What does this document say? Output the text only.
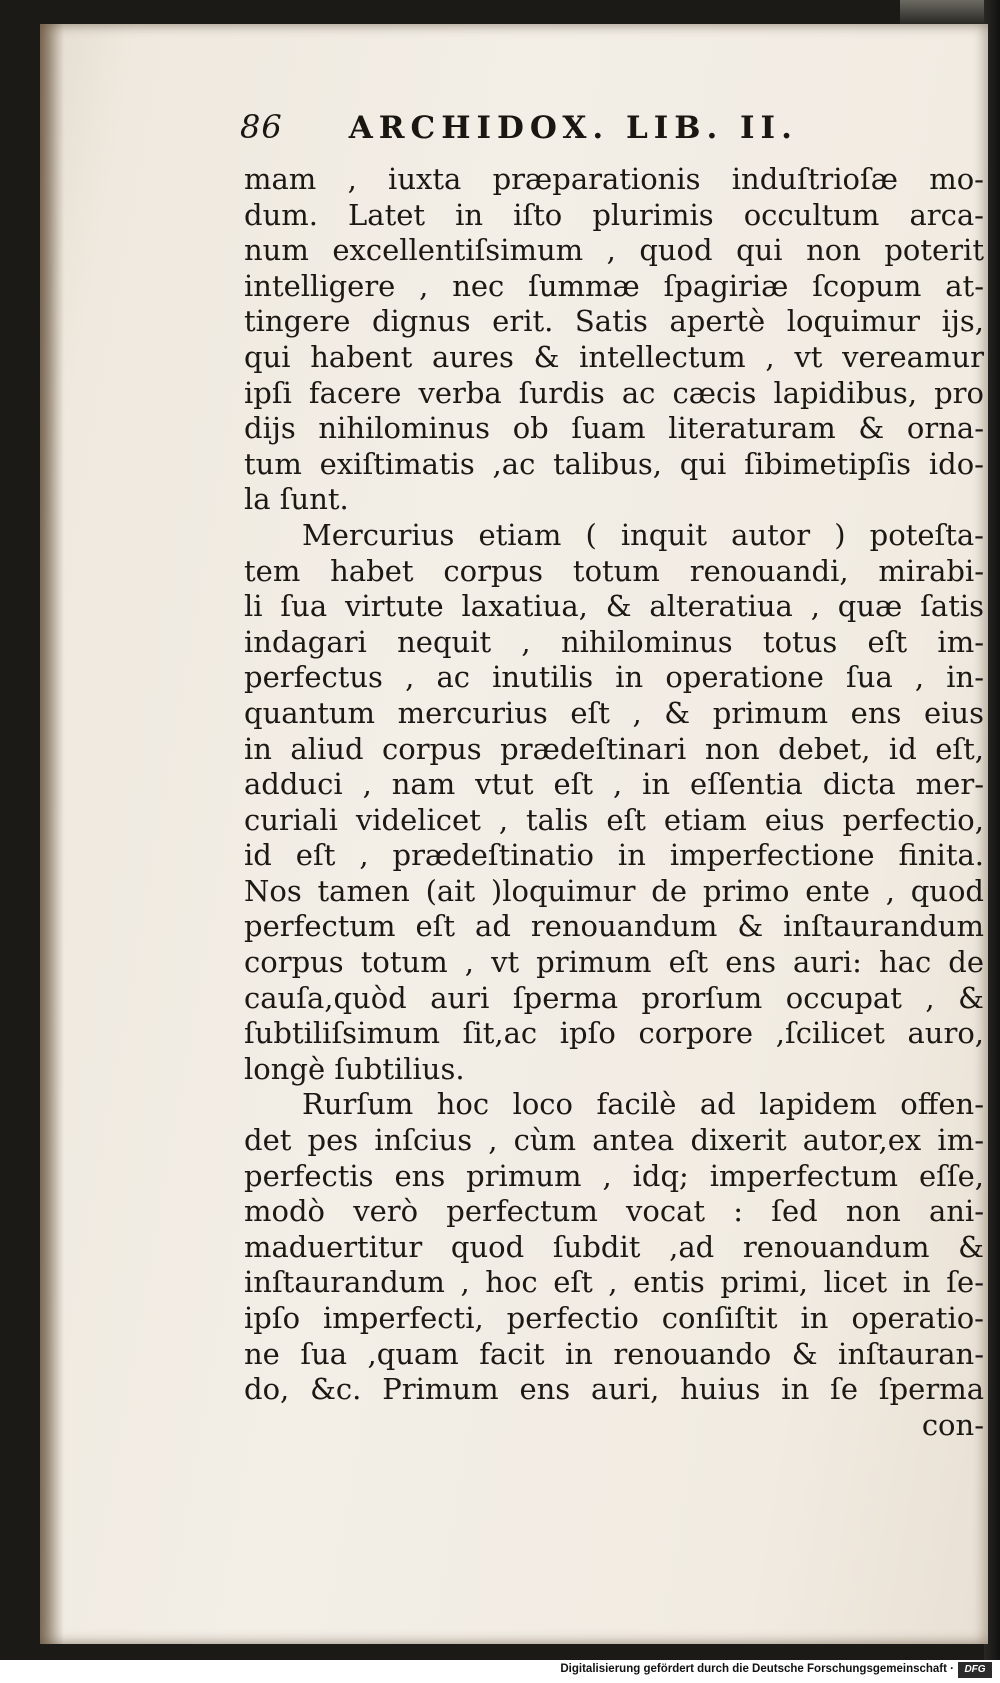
86 ARCHIDOX. LIB. II.
mam , iuxta præparationis induſtrioſæ mo-
dum. Latet in iſto plurimis occultum arca-
num excellentiſsimum , quod qui non poterit
intelligere , nec ſummæ ſpagiriæ ſcopum at-
tingere dignus erit. Satis apertè loquimur ijs,
qui habent aures & intellectum , vt vereamur
ipſi facere verba ſurdis ac cæcis lapidibus, pro
dijs nihilominus ob ſuam literaturam & orna-
tum exiſtimatis ,ac talibus, qui ſibimetipſis ido-
la ſunt.
Mercurius etiam ( inquit autor ) poteſta-
tem habet corpus totum renouandi, mirabi-
li ſua virtute laxatiua, & alteratiua , quæ ſatis
indagari nequit , nihilominus totus eſt im-
perfectus , ac inutilis in operatione ſua , in-
quantum mercurius eſt , & primum ens eius
in aliud corpus prædeſtinari non debet, id eſt,
adduci , nam vtut eſt , in eſſentia dicta mer-
curiali videlicet , talis eſt etiam eius perfectio,
id eſt , prædeſtinatio in imperfectione finita.
Nos tamen (ait )loquimur de primo ente , quod
perfectum eſt ad renouandum & inſtaurandum
corpus totum , vt primum eſt ens auri: hac de
cauſa,quòd auri ſperma prorſum occupat , &
ſubtiliſsimum ſit,ac ipſo corpore ,ſcilicet auro,
longè ſubtilius.
Rurſum hoc loco facilè ad lapidem offen-
det pes inſcius , cùm antea dixerit autor,ex im-
perfectis ens primum , idq; imperfectum eſſe,
modò verò perfectum vocat : ſed non ani-
maduertitur quod ſubdit ,ad renouandum &
inſtaurandum , hoc eſt , entis primi, licet in ſe-
ipſo imperfecti, perfectio conſiſtit in operatio-
ne ſua ,quam facit in renouando & inſtauran-
do, &c. Primum ens auri, huius in ſe ſperma
con-
Digitalisierung gefördert durch die Deutsche Forschungsgemeinschaft ·	DFG
